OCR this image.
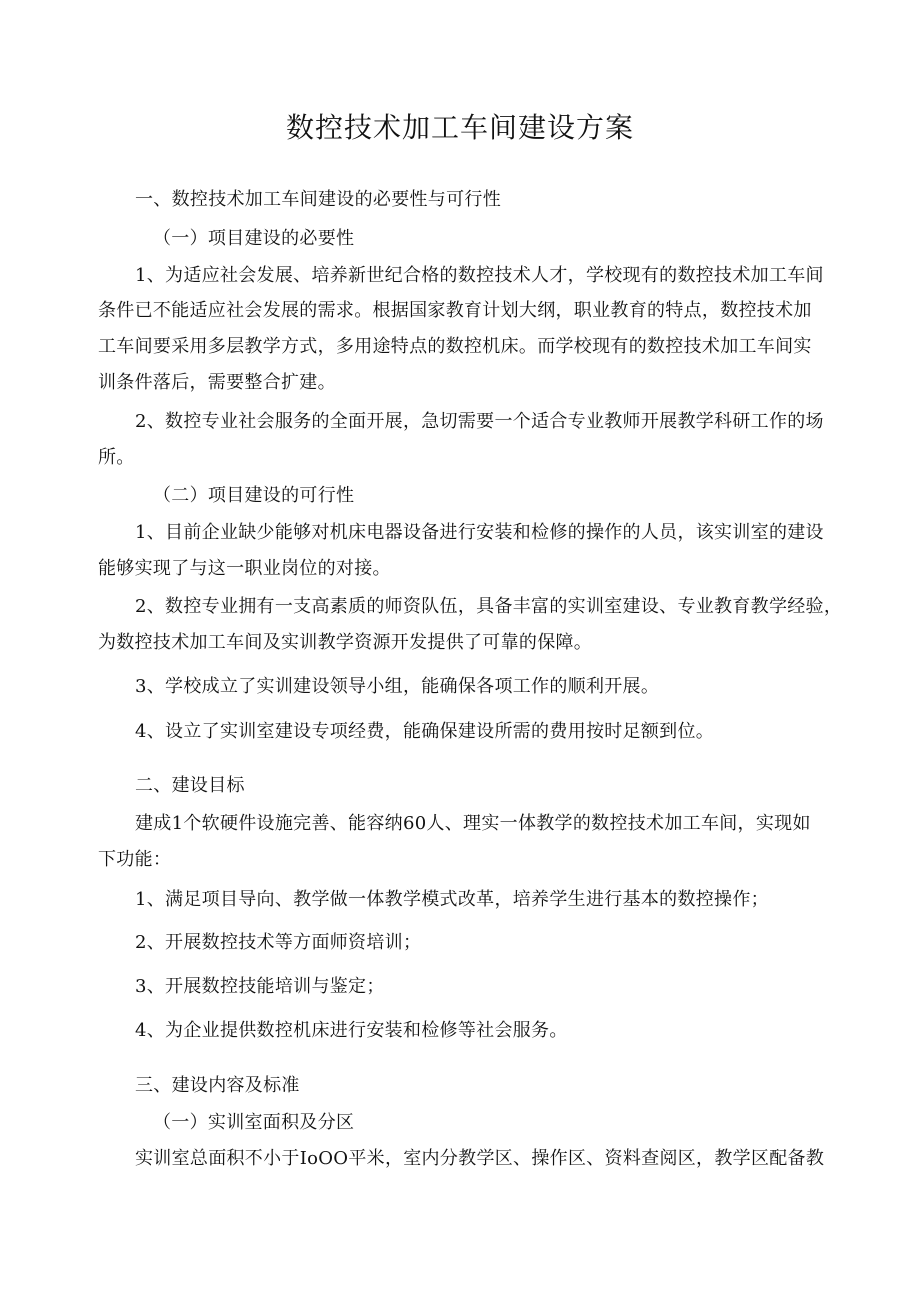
数控技术加工车间建设方案
一、数控技术加工车间建设的必要性与可行性
（一）项目建设的必要性
1、为适应社会发展、培养新世纪合格的数控技术人才，学校现有的数控技术加工车间
条件已不能适应社会发展的需求。根据国家教育计划大纲，职业教育的特点，数控技术加
工车间要采用多层教学方式，多用途特点的数控机床。而学校现有的数控技术加工车间实
训条件落后，需要整合扩建。
2、数控专业社会服务的全面开展，急切需要一个适合专业教师开展教学科研工作的场
所。
（二）项目建设的可行性
1、目前企业缺少能够对机床电器设备进行安装和检修的操作的人员，该实训室的建设
能够实现了与这一职业岗位的对接。
2、数控专业拥有一支高素质的师资队伍，具备丰富的实训室建设、专业教育教学经验，
为数控技术加工车间及实训教学资源开发提供了可靠的保障。
3、学校成立了实训建设领导小组，能确保各项工作的顺利开展。
4、设立了实训室建设专项经费，能确保建设所需的费用按时足额到位。
二、建设目标
建成1个软硬件设施完善、能容纳60人、理实一体教学的数控技术加工车间，实现如
下功能：
1、满足项目导向、教学做一体教学模式改革，培养学生进行基本的数控操作；
2、开展数控技术等方面师资培训；
3、开展数控技能培训与鉴定；
4、为企业提供数控机床进行安装和检修等社会服务。
三、建设内容及标准
（一）实训室面积及分区
实训室总面积不小于IoOO平米，室内分教学区、操作区、资料查阅区，教学区配备教
